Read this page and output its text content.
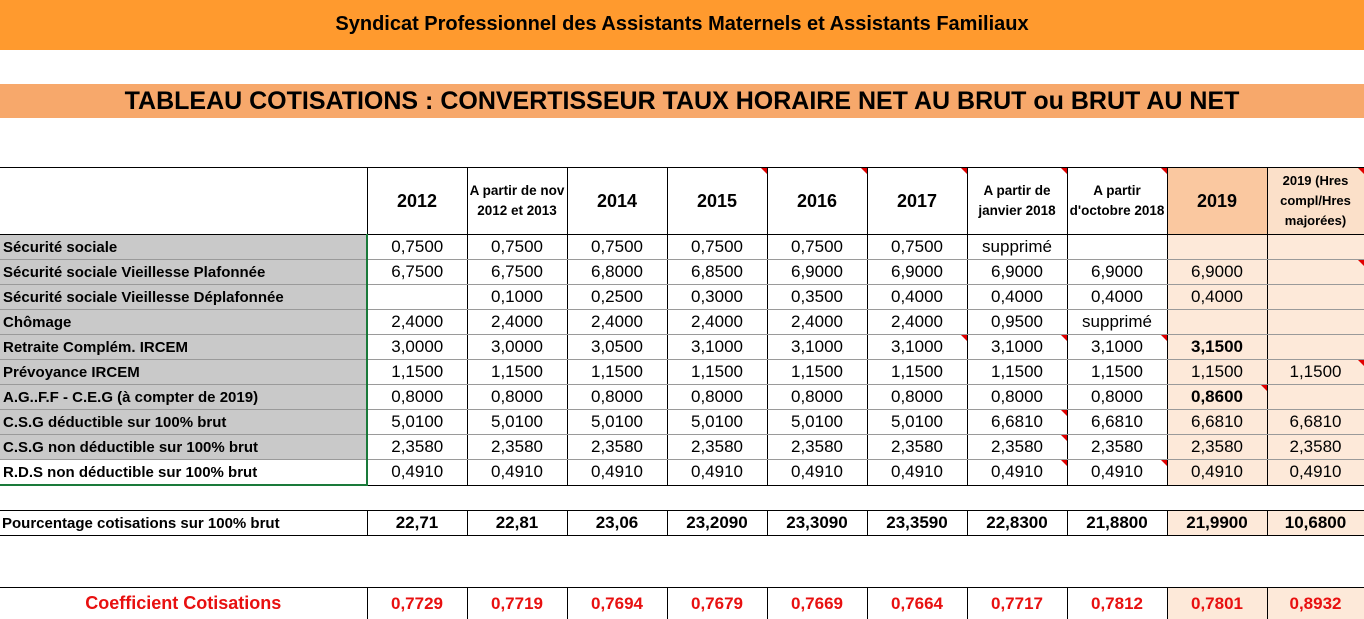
Syndicat Professionnel des Assistants Maternels et Assistants Familiaux
TABLEAU COTISATIONS : CONVERTISSEUR TAUX HORAIRE NET AU BRUT ou BRUT AU NET
	2012	A partir de nov 2012 et 2013	2014	2015	2016	2017	A partir de janvier 2018	A partir d'octobre 2018	2019	2019 (Hres compl/Hres majorées)
Sécurité sociale	0,7500	0,7500	0,7500	0,7500	0,7500	0,7500	supprimé			
Sécurité sociale Vieillesse Plafonnée	6,7500	6,7500	6,8000	6,8500	6,9000	6,9000	6,9000	6,9000	6,9000	
Sécurité sociale Vieillesse Déplafonnée		0,1000	0,2500	0,3000	0,3500	0,4000	0,4000	0,4000	0,4000	
Chômage	2,4000	2,4000	2,4000	2,4000	2,4000	2,4000	0,9500	supprimé		
Retraite Complém. IRCEM	3,0000	3,0000	3,0500	3,1000	3,1000	3,1000	3,1000	3,1000	3,1500	
Prévoyance IRCEM	1,1500	1,1500	1,1500	1,1500	1,1500	1,1500	1,1500	1,1500	1,1500	1,1500
A.G..F.F - C.E.G (à compter de 2019)	0,8000	0,8000	0,8000	0,8000	0,8000	0,8000	0,8000	0,8000	0,8600	
C.S.G déductible sur 100% brut	5,0100	5,0100	5,0100	5,0100	5,0100	5,0100	6,6810	6,6810	6,6810	6,6810
C.S.G non déductible sur 100% brut	2,3580	2,3580	2,3580	2,3580	2,3580	2,3580	2,3580	2,3580	2,3580	2,3580
R.D.S non déductible sur 100% brut	0,4910	0,4910	0,4910	0,4910	0,4910	0,4910	0,4910	0,4910	0,4910	0,4910

Pourcentage cotisations sur 100% brut	22,71	22,81	23,06	23,2090	23,3090	23,3590	22,8300	21,8800	21,9900	10,6800

Coefficient Cotisations	0,7729	0,7719	0,7694	0,7679	0,7669	0,7664	0,7717	0,7812	0,7801	0,8932
